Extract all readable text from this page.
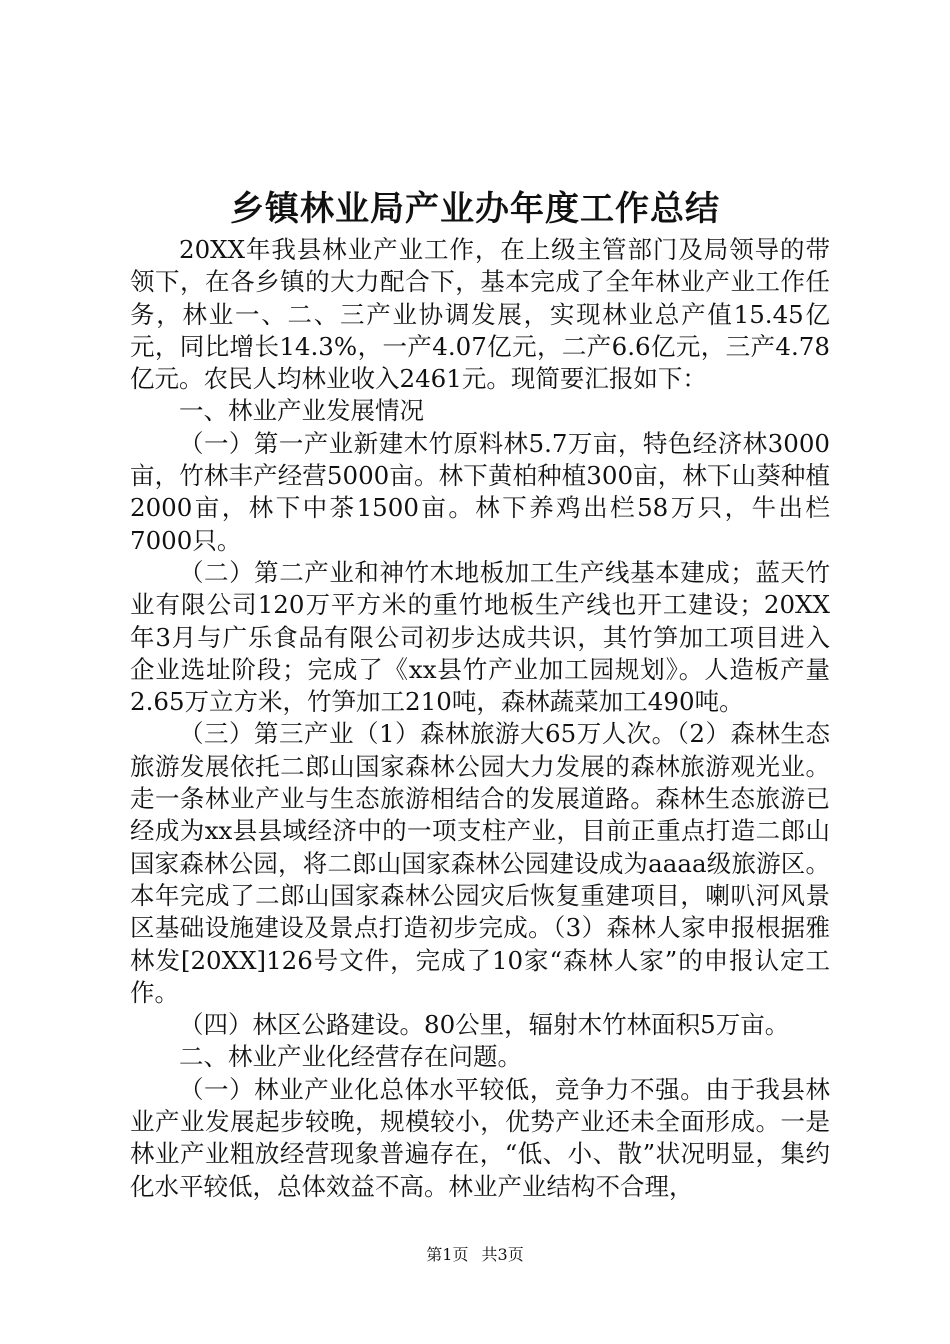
乡镇林业局产业办年度工作总结

20XX年我县林业产业工作，在上级主管部门及局领导的带领下，在各乡镇的大力配合下，基本完成了全年林业产业工作任务，林业一、二、三产业协调发展，实现林业总产值15.45亿元，同比增长14.3%，一产4.07亿元，二产6.6亿元，三产4.78亿元。农民人均林业收入2461元。现简要汇报如下：

一、林业产业发展情况

（一）第一产业新建木竹原料林5.7万亩，特色经济林3000亩，竹林丰产经营5000亩。林下黄柏种植300亩，林下山葵种植2000亩，林下中茶1500亩。林下养鸡出栏58万只，牛出栏7000只。

（二）第二产业和神竹木地板加工生产线基本建成；蓝天竹业有限公司120万平方米的重竹地板生产线也开工建设；20XX年3月与广乐食品有限公司初步达成共识，其竹笋加工项目进入企业选址阶段；完成了《xx县竹产业加工园规划》。人造板产量2.65万立方米，竹笋加工210吨，森林蔬菜加工490吨。

（三）第三产业（1）森林旅游大65万人次。（2）森林生态旅游发展依托二郎山国家森林公园大力发展的森林旅游观光业。走一条林业产业与生态旅游相结合的发展道路。森林生态旅游已经成为xx县县域经济中的一项支柱产业，目前正重点打造二郎山国家森林公园，将二郎山国家森林公园建设成为aaaa级旅游区。本年完成了二郎山国家森林公园灾后恢复重建项目，喇叭河风景区基础设施建设及景点打造初步完成。（3）森林人家申报根据雅林发[20XX]126号文件，完成了10家“森林人家”的申报认定工作。

（四）林区公路建设。80公里，辐射木竹林面积5万亩。

二、林业产业化经营存在问题。

（一）林业产业化总体水平较低，竞争力不强。由于我县林业产业发展起步较晚，规模较小，优势产业还未全面形成。一是林业产业粗放经营现象普遍存在，“低、小、散”状况明显，集约化水平较低，总体效益不高。林业产业结构不合理，

第1页 共3页
